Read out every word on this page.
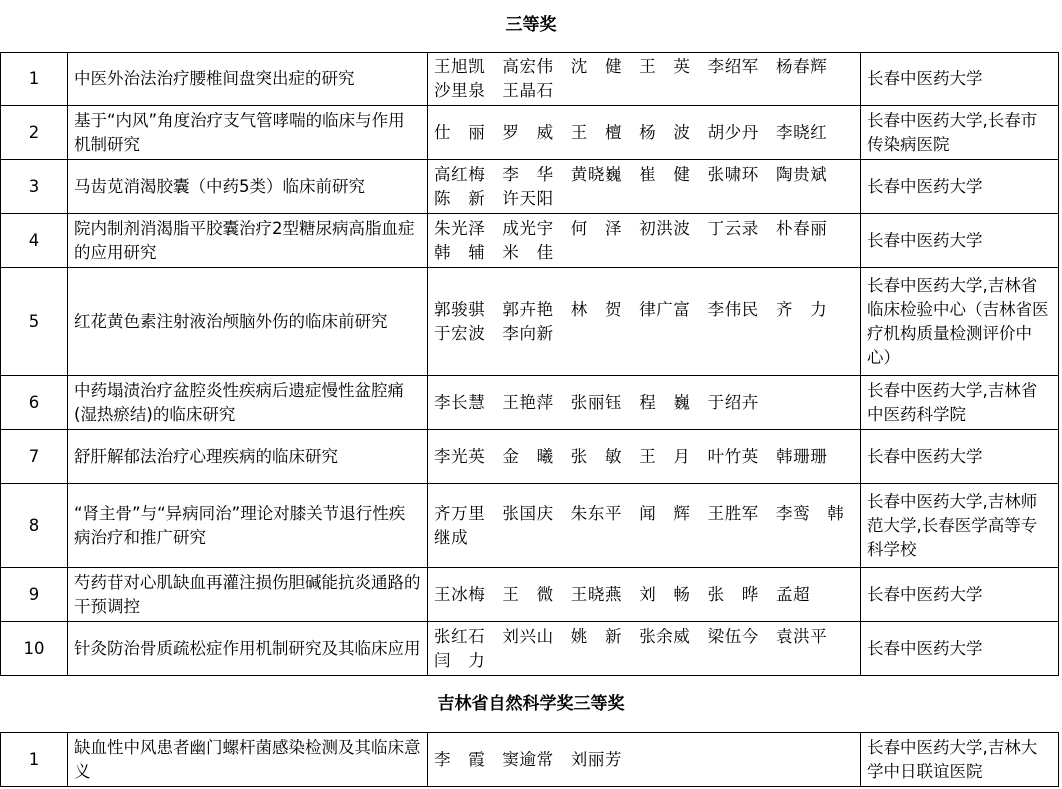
三等奖
1	中医外治法治疗腰椎间盘突出症的研究	王旭凯　高宏伟　沈　健　王　英　李绍军　杨春辉　沙里泉　王晶石	长春中医药大学
2	基于“内风”角度治疗支气管哮喘的临床与作用机制研究	仕　丽　罗　威　王　檀　杨　波　胡少丹　李晓红	长春中医药大学,长春市传染病医院
3	马齿苋消渴胶囊（中药5类）临床前研究	高红梅　李　华　黄晓巍　崔　健　张啸环　陶贵斌　陈　新　许天阳	长春中医药大学
4	院内制剂消渴脂平胶囊治疗2型糖尿病高脂血症的应用研究	朱光泽　成光宇　何　泽　初洪波　丁云录　朴春丽　韩　辅　米　佳	长春中医药大学
5	红花黄色素注射液治颅脑外伤的临床前研究	郭骏骐　郭卉艳　林　贺　律广富　李伟民　齐　力　于宏波　李向新	长春中医药大学,吉林省临床检验中心（吉林省医疗机构质量检测评价中心）
6	中药塌渍治疗盆腔炎性疾病后遗症慢性盆腔痛(湿热瘀结)的临床研究	李长慧　王艳萍　张丽钰　程　巍　于绍卉	长春中医药大学,吉林省中医药科学院
7	舒肝解郁法治疗心理疾病的临床研究	李光英　金　曦　张　敏　王　月　叶竹英　韩珊珊	长春中医药大学
8	“肾主骨”与“异病同治”理论对膝关节退行性疾病治疗和推广研究	齐万里　张国庆　朱东平　闻　辉　王胜军　李鸾　韩继成	长春中医药大学,吉林师范大学,长春医学高等专科学校
9	芍药苷对心肌缺血再灌注损伤胆碱能抗炎通路的干预调控	王冰梅　王　微　王晓燕　刘　畅　张　晔　孟超	长春中医药大学
10	针灸防治骨质疏松症作用机制研究及其临床应用	张红石　刘兴山　姚　新　张余威　梁伍今　袁洪平　闫　力	长春中医药大学
吉林省自然科学奖三等奖
1	缺血性中风患者幽门螺杆菌感染检测及其临床意义	李　霞　窦逾常　刘丽芳	长春中医药大学,吉林大学中日联谊医院
